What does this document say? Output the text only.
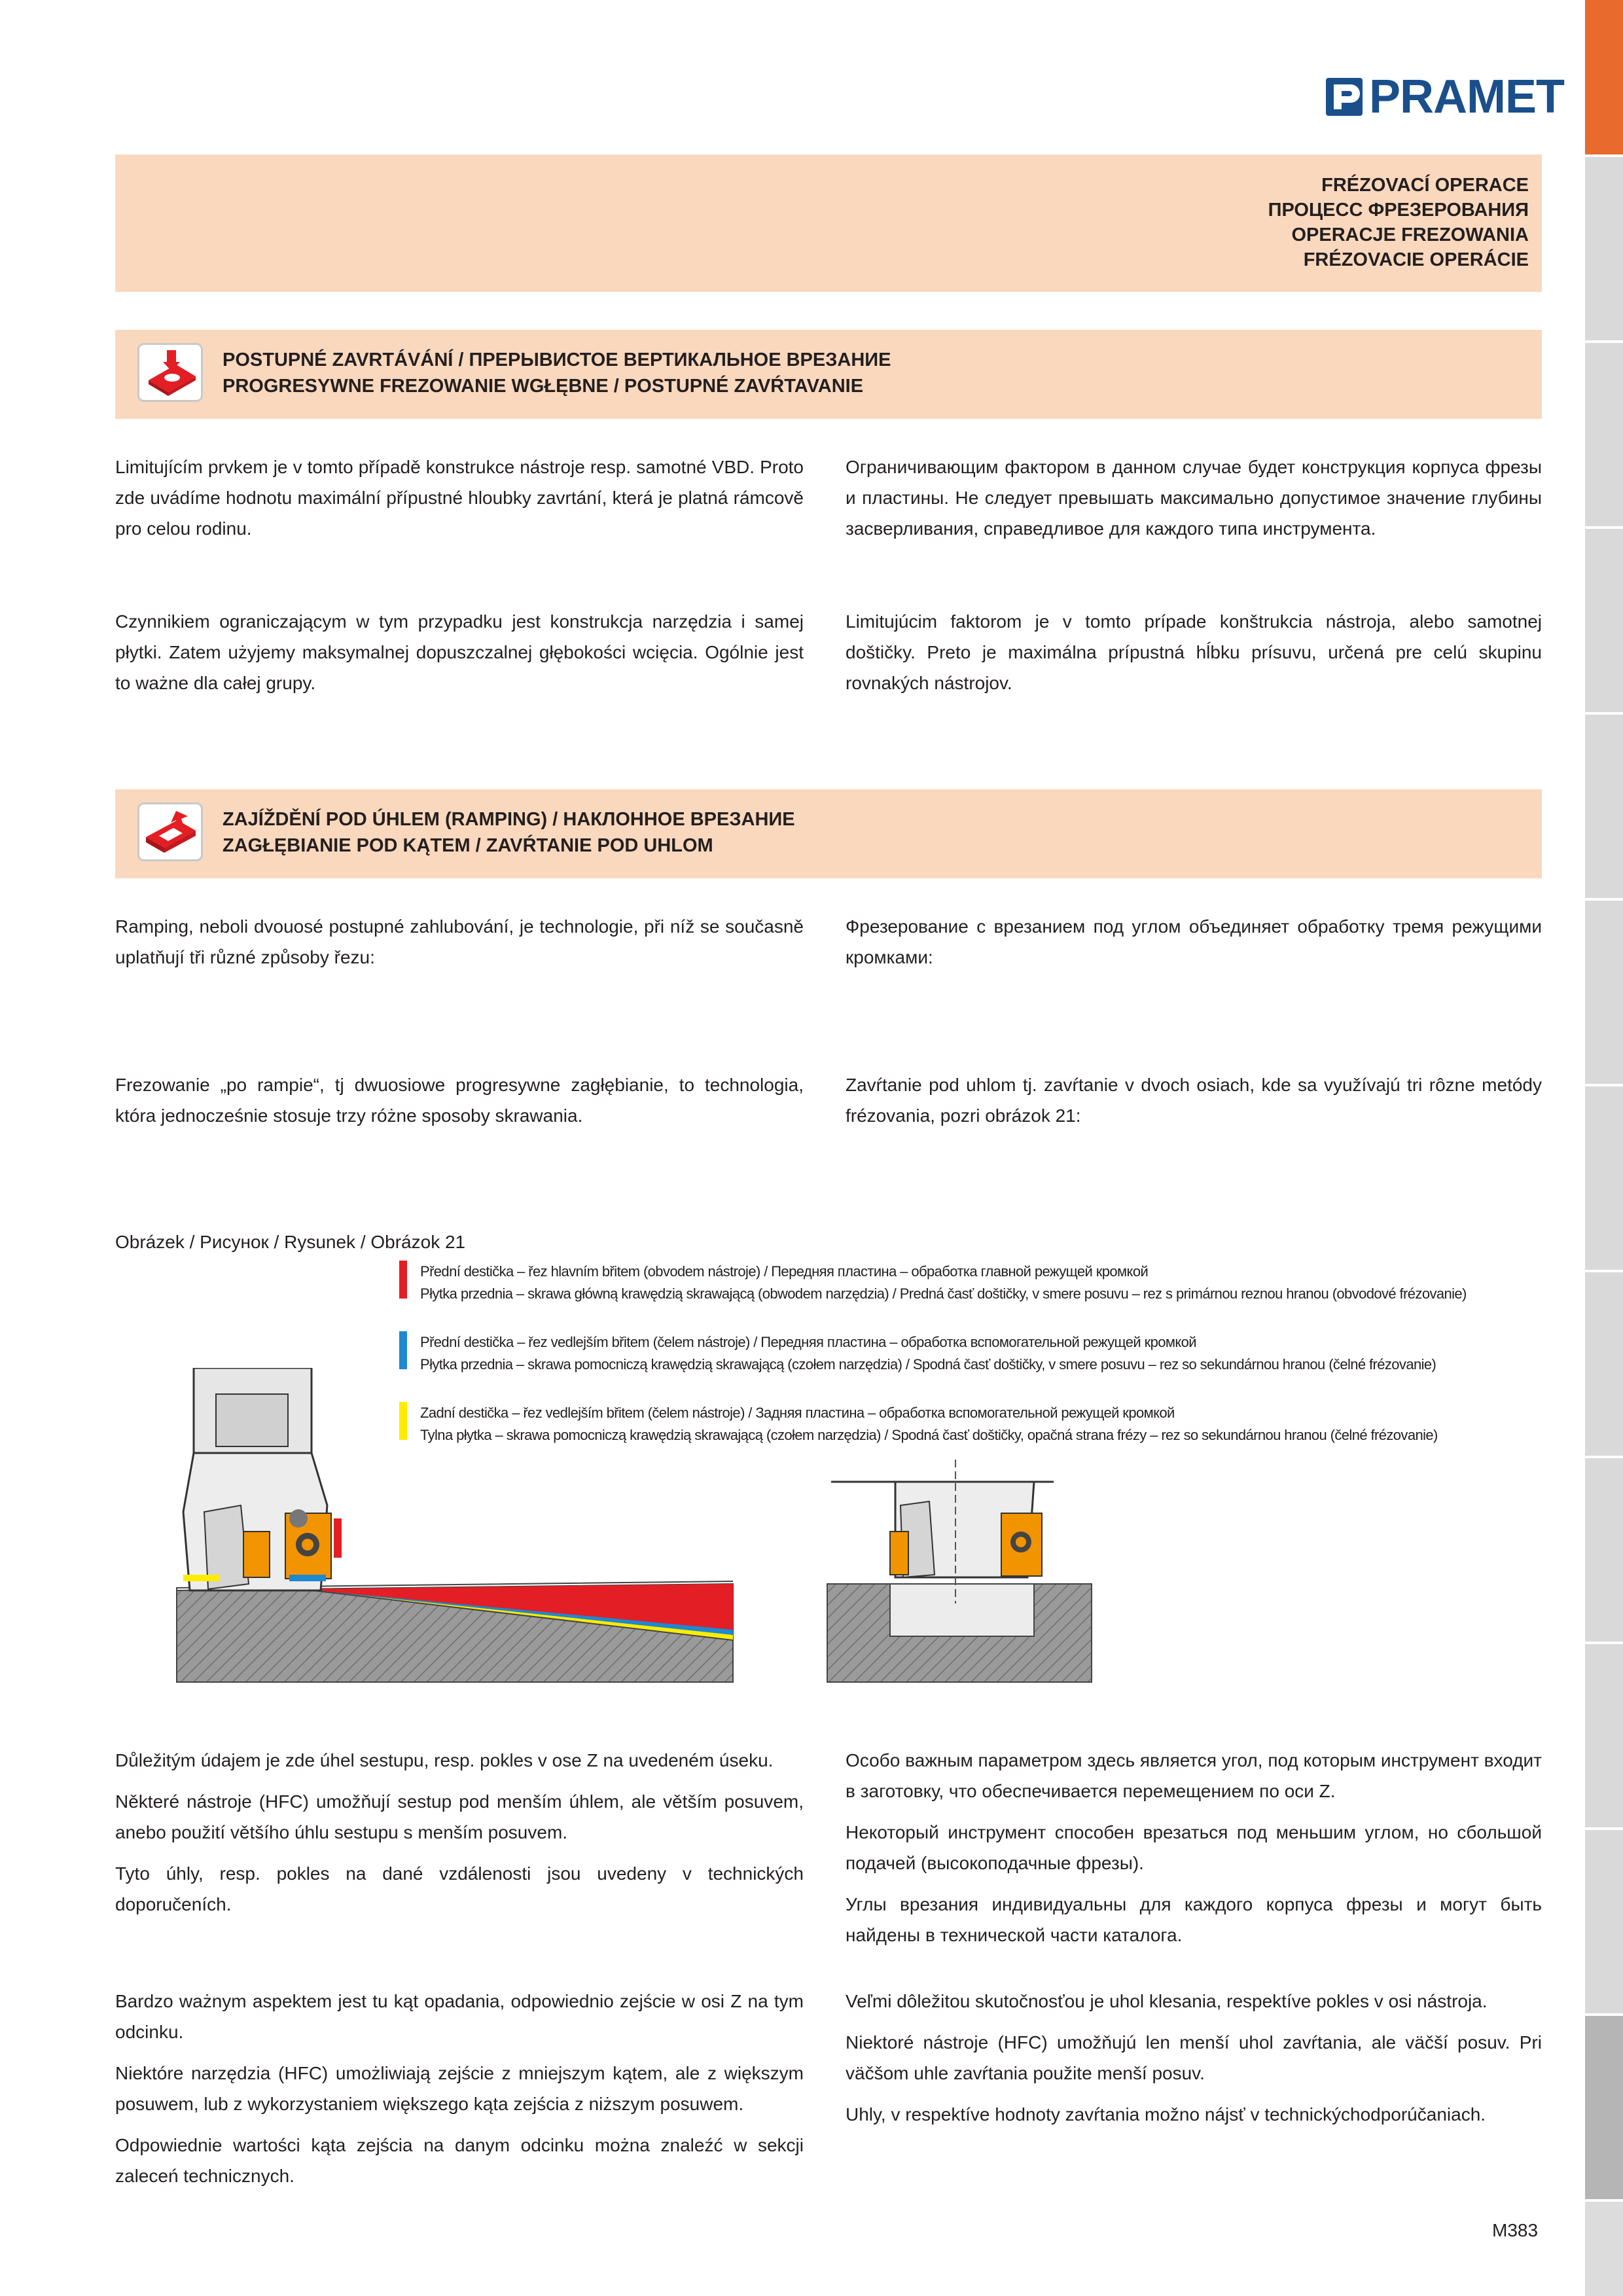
PRAMET
FRÉZOVACÍ OPERACE
ПРОЦЕСС ФРЕЗЕРОВАНИЯ
OPERACJE FREZOWANIA
FRÉZOVACIE OPERÁCIE
POSTUPNÉ ZAVRTÁVÁNÍ / ПРЕРЫВИСТОЕ ВЕРТИКАЛЬНОЕ ВРЕЗАНИЕ
PROGRESYWNE FREZOWANIE WGŁĘBNE / POSTUPNÉ ZAVŔTAVANIE

Limitujícím prvkem je v tomto případě konstrukce nástroje resp. samotné VBD. Proto zde uvádíme hodnotu maximální přípustné hloubky zavrtání, která je platná rámcově pro celou rodinu.

Ограничивающим фактором в данном случае будет конструкция корпуса фрезы и пластины. Не следует превышать максимально допустимое значение глубины засверливания, справедливое для каждого типа инструмента.

Czynnikiem ograniczającym w tym przypadku jest konstrukcja narzędzia i samej płytki. Zatem użyjemy maksymalnej dopuszczalnej głębokości wcięcia. Ogólnie jest to ważne dla całej grupy.

Limitujúcim faktorom je v tomto prípade konštrukcia nástroja, alebo samotnej doštičky. Preto je maximálna prípustná hĺbku prísuvu, určená pre celú skupinu rovnakých nástrojov.

ZAJÍŽDĚNÍ POD ÚHLEM (RAMPING) / НАКЛОННОЕ ВРЕЗАНИЕ
ZAGŁĘBIANIE POD KĄTEM / ZAVŔTANIE POD UHLOM

Ramping, neboli dvouosé postupné zahlubování, je technologie, při níž se současně uplatňují tři různé způsoby řezu:

Фрезерование с врезанием под углом объединяет обработку тремя режущими кромками:

Frezowanie „po rampie“, tj dwuosiowe progresywne zagłębianie, to technologia, która jednocześnie stosuje trzy różne sposoby skrawania.

Zavŕtanie pod uhlom tj. zavŕtanie v dvoch osiach, kde sa využívajú tri rôzne metódy frézovania, pozri obrázok 21:

Obrázek / Рисунок / Rysunek / Obrázok 21
Přední destička – řez hlavním břitem (obvodem nástroje) / Передняя пластина – обработка главной режущей кромкой
Płytka przednia – skrawa główną krawędzią skrawającą (obwodem narzędzia) / Predná časť doštičky, v smere posuvu – rez s primárnou reznou hranou (obvodové frézovanie)
Přední destička – řez vedlejším břitem (čelem nástroje) / Передняя пластина – обработка вспомогательной режущей кромкой
Płytka przednia – skrawa pomocniczą krawędzią skrawającą (czołem narzędzia) / Spodná časť doštičky, v smere posuvu – rez so sekundárnou hranou (čelné frézovanie)
Zadní destička – řez vedlejším břitem (čelem nástroje) / Задняя пластина – обработка вспомогательной режущей кромкой
Tylna płytka – skrawa pomocniczą krawędzią skrawającą (czołem narzędzia) / Spodná časť doštičky, opačná strana frézy – rez so sekundárnou hranou (čelné frézovanie)

Důležitým údajem je zde úhel sestupu, resp. pokles v ose Z na uvedeném úseku.

Některé nástroje (HFC) umožňují sestup pod menším úhlem, ale větším posuvem, anebo použití většího úhlu sestupu s menším posuvem.

Tyto úhly, resp. pokles na dané vzdálenosti jsou uvedeny v technických doporučeních.

Особо важным параметром здесь является угол, под которым инструмент входит в заготовку, что обеспечивается перемещением по оси Z.

Некоторый инструмент способен врезаться под меньшим углом, но сбольшой подачей (высокоподачные фрезы).

Углы врезания индивидуальны для каждого корпуса фрезы и могут быть найдены в технической части каталога.

Bardzo ważnym aspektem jest tu kąt opadania, odpowiednio zejście w osi Z na tym odcinku.

Niektóre narzędzia (HFC) umożliwiają zejście z mniejszym kątem, ale z większym posuwem, lub z wykorzystaniem większego kąta zejścia z niższym posuwem.

Odpowiednie wartości kąta zejścia na danym odcinku można znaleźć w sekcji zaleceń technicznych.

Veľmi dôležitou skutočnosťou je uhol klesania, respektíve pokles v osi nástroja.

Niektoré nástroje (HFC) umožňujú len menší uhol zavŕtania, ale väčší posuv. Pri väčšom uhle zavŕtania použite menší posuv.

Uhly, v respektíve hodnoty zavŕtania možno nájsť v technickýchodporúčaniach.

M383
